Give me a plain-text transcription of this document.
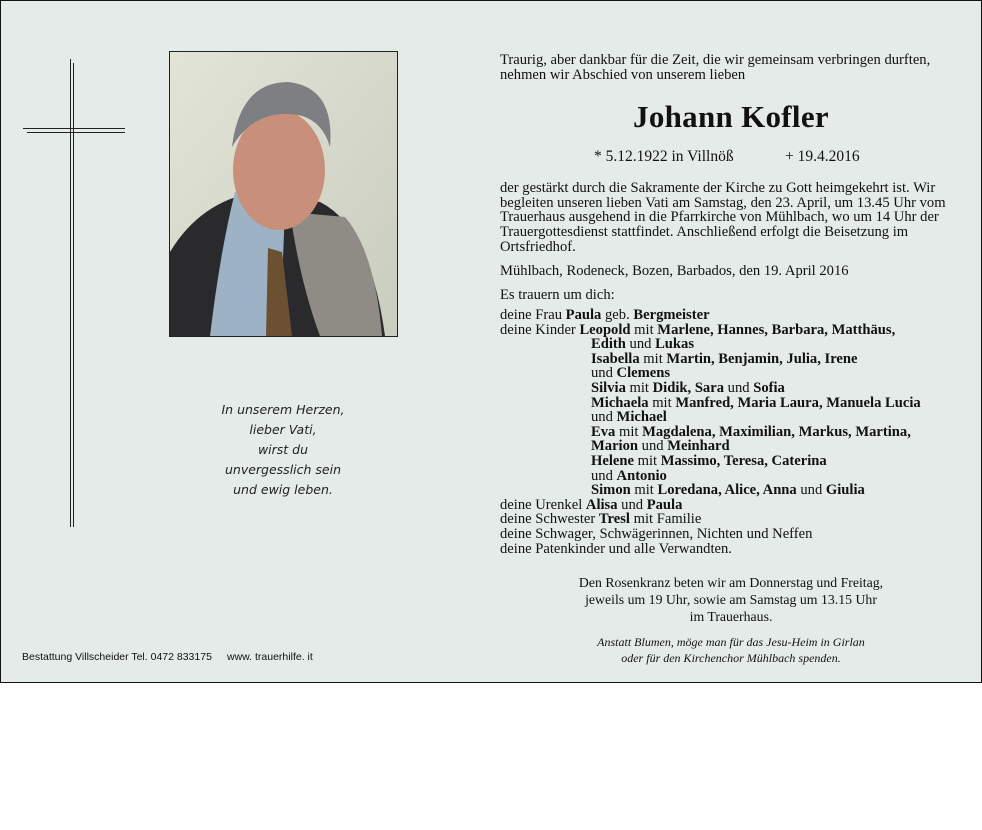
In unserem Herzen,
lieber Vati,
wirst du
unvergesslich sein
und ewig leben.
Bestattung Villscheider Tel. 0472 833175 www. trauerhilfe. it

Traurig, aber dankbar für die Zeit, die wir gemeinsam verbringen durften, nehmen wir Abschied von unserem lieben

Johann Kofler
* 5.12.1922 in Villnöß	+ 19.4.2016
der gestärkt durch die Sakramente der Kirche zu Gott heimgekehrt ist. Wir begleiten unseren lieben Vati am Samstag, den 23. April, um 13.45 Uhr vom Trauerhaus ausgehend in die Pfarrkirche von Mühlbach, wo um 14 Uhr der Trauergottesdienst stattfindet. Anschließend erfolgt die Beisetzung im Ortsfriedhof.
Mühlbach, Rodeneck, Bozen, Barbados, den 19. April 2016
Es trauern um dich:
deine Frau Paula geb. Bergmeister
deine Kinder Leopold mit Marlene, Hannes, Barbara, Matthäus,
Edith und Lukas
Isabella mit Martin, Benjamin, Julia, Irene
und Clemens
Silvia mit Didik, Sara und Sofia
Michaela mit Manfred, Maria Laura, Manuela Lucia
und Michael
Eva mit Magdalena, Maximilian, Markus, Martina,
Marion und Meinhard
Helene mit Massimo, Teresa, Caterina
und Antonio
Simon mit Loredana, Alice, Anna und Giulia
deine Urenkel Alisa und Paula
deine Schwester Tresl mit Familie
deine Schwager, Schwägerinnen, Nichten und Neffen
deine Patenkinder und alle Verwandten.
Den Rosenkranz beten wir am Donnerstag und Freitag,
jeweils um 19 Uhr, sowie am Samstag um 13.15 Uhr
im Trauerhaus.
Anstatt Blumen, möge man für das Jesu-Heim in Girlan
oder für den Kirchenchor Mühlbach spenden.
